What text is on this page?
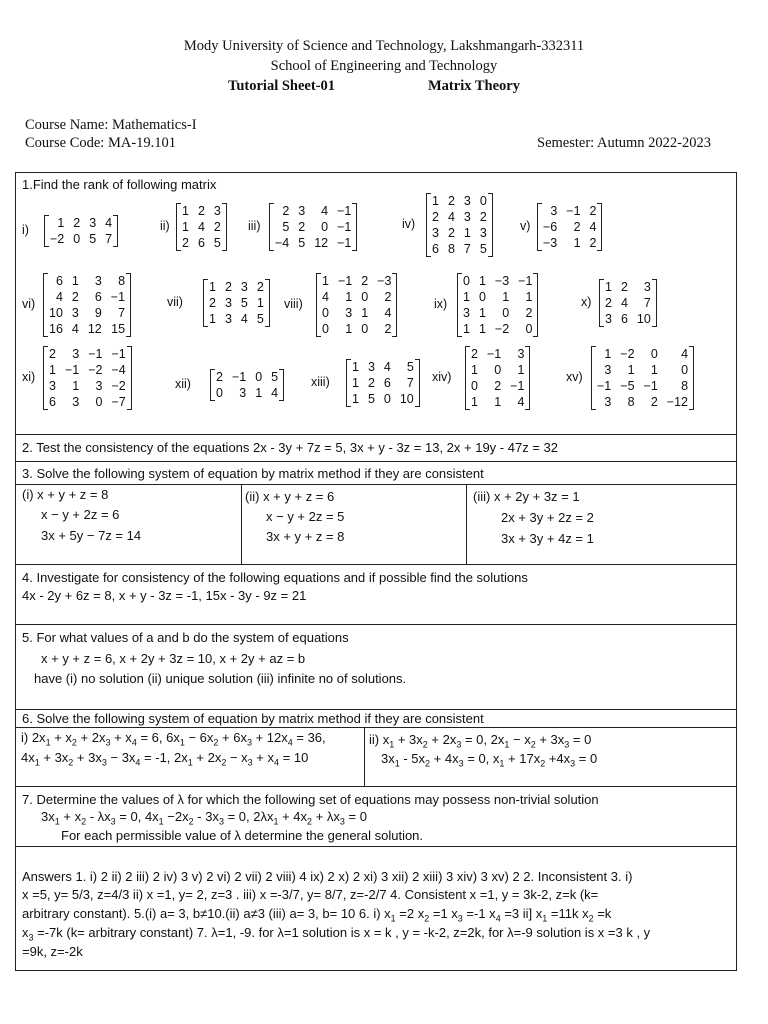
Mody University of Science and Technology, Lakshmangarh-332311
School of Engineering and Technology
Tutorial Sheet-01	Matrix Theory
Course Name: Mathematics-I
Course Code: MA-19.101	Semester: Autumn 2022-2023
1.Find the rank of following matrix
i)	1 2 3 4
−2 0 5 7
ii)
1 2 3
1 4 2
2 6 5
iii)
2 3	4 −1
5 2	0 −1
−4 5 12 −1
iv)
1 2 3 0
2 4 3 2
3 2 1 3
6 8 7 5
v)
3 −1 2
−6	2 4
−3	1 2
vi)
6 1	3	8
4 2	6 −1
10 3	9	7
16 4 12 15
vii)
1 2 3 2
2 3 5 1
1 3 4 5
viii)
1 −1 2 −3
4	1 0	2
0	3 1	4
0	1 0	2
ix)
0 1 −3 −1
1 0	1	1
3 1	0	2
1 1 −2	0
x)
1 2	3
2 4	7
3 6 10
xi)
2	3 −1 −1
1 −1 −2 −4
3	1	3 −2
6	3	0 −7
xii) 2 −1 0 5
0	3 1 4
xiii)
1 3 4	5
1 2 6	7
1 5 0 10
xiv)
2 −1	3
1	0	1
0	2 −1
1	1	4
xv)
1 −2	0	4
3	1	1	0
−1 −5 −1	8
3	8	2 −12
2. Test the consistency of the equations 2x - 3y + 7z = 5, 3x + y - 3z = 13, 2x + 19y - 47z = 32
3. Solve the following system of equation by matrix method if they are consistent
(i) x + y + z = 8
x − y + 2z = 6
3x + 5y − 7z = 14
(ii) x + y + z = 6
x − y + 2z = 5
3x + y + z = 8
(iii) x + 2y + 3z = 1
2x + 3y + 2z = 2
3x + 3y + 4z = 1
4. Investigate for consistency of the following equations and if possible find the solutions
4x - 2y + 6z = 8, x + y - 3z = -1, 15x - 3y - 9z = 21
5. For what values of a and b do the system of equations
x + y + z = 6, x + 2y + 3z = 10, x + 2y + az = b
have (i) no solution (ii) unique solution (iii) infinite no of solutions.
6. Solve the following system of equation by matrix method if they are consistent
i) $2x_1 + x_2 + 2x_3 + x_4 = 6$, $6x_1 - 6x_2 + 6x_3 + 12x_4 = 36$,
$4x_1 + 3x_2 + 3x_3 - 3x_4 = -1$, $2x_1 + 2x_2 - x_3 + x_4 = 10$
ii) $x_1 + 3x_2 + 2x_3 = 0$, $2x_1 - x_2 + 3x_3 = 0$
$3x_1 - 5x_2 + 4x_3 = 0$, $x_1 + 17x_2 +4x_3 = 0$
7. Determine the values of λ for which the following set of equations may possess non-trivial solution
$3x_1 + x_2 - \lambda x_3 = 0$, $4x_1 -2x_2 - 3x_3 = 0$, $2\lambda x_1 + 4x_2 + \lambda x_3 = 0$
For each permissible value of λ determine the general solution.
Answers 1. i) 2 ii) 2 iii) 2 iv) 3 v) 2 vi) 2 vii) 2 viii) 4 ix) 2 x) 2 xi) 3 xii) 2 xiii) 3 xiv) 3 xv) 2 2. Inconsistent 3. i)
x =5, y= 5/3, z=4/3 ii) x =1, y= 2, z=3 . iii) x =-3/7, y= 8/7, z=-2/7 4. Consistent x =1, y = 3k-2, z=k (k=
arbitrary constant). 5.(i) a= 3, b≠10.(ii) a≠3 (iii) a= 3, b= 10 6. i) $x_1 =2$ $x_2 =1$ $x_3 =-1$ $x_4 =3$ ii] $x_1 =11k$ $x_2 =k$
$x_3 =-7k$ (k= arbitrary constant) 7. λ=1, -9. for λ=1 solution is x = k , y = -k-2, z=2k, for λ=-9 solution is x =3 k , y
=9k, z=-2k
